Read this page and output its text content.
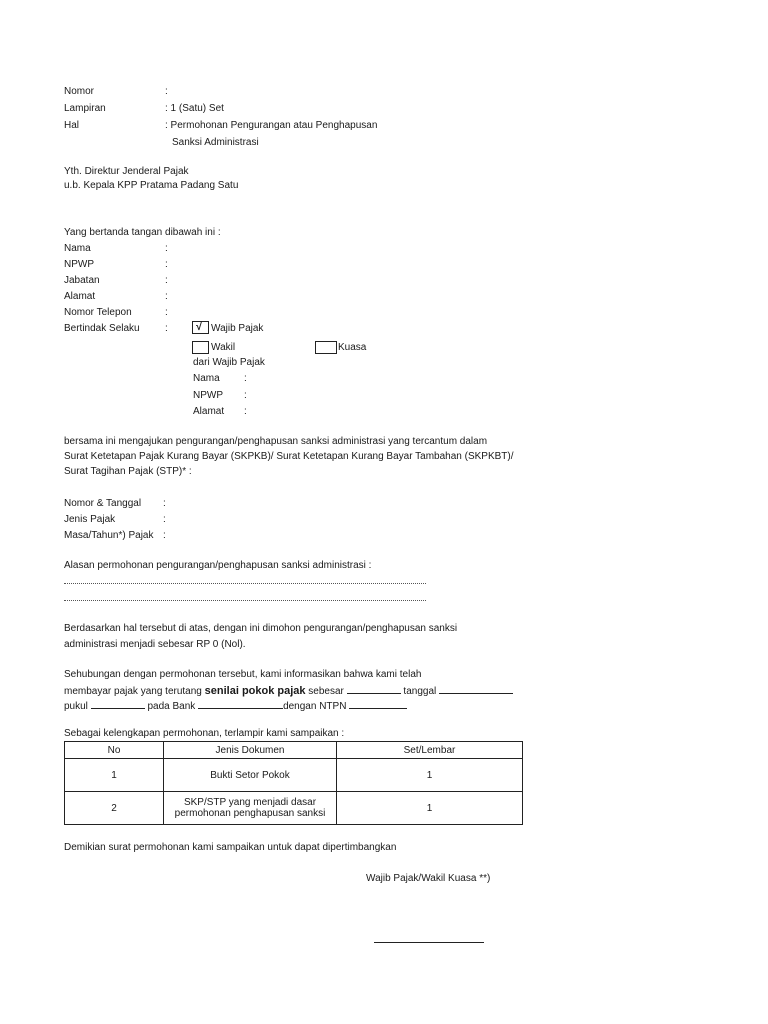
Nomor	:
Lampiran	: 1 (Satu) Set
Hal	: Permohonan Pengurangan atau Penghapusan
Sanksi Administrasi
Yth. Direktur Jenderal Pajak
u.b. Kepala KPP Pratama Padang Satu
Yang bertanda tangan dibawah ini :
Nama	:
NPWP	:
Jabatan	:
Alamat	:
Nomor Telepon	:
Bertindak Selaku	:	√ Wajib Pajak
Wakil	Kuasa
dari Wajib Pajak
Nama :
NPWP :
Alamat :
bersama ini mengajukan pengurangan/penghapusan sanksi administrasi yang tercantum dalam
Surat Ketetapan Pajak Kurang Bayar (SKPKB)/ Surat Ketetapan Kurang Bayar Tambahan (SKPKBT)/
Surat Tagihan Pajak (STP)* :
Nomor & Tanggal :
Jenis Pajak	:
Masa/Tahun*) Pajak :
Alasan permohonan pengurangan/penghapusan sanksi administrasi :
Berdasarkan hal tersebut di atas, dengan ini dimohon pengurangan/penghapusan sanksi
administrasi menjadi sebesar RP 0 (Nol).
Sehubungan dengan permohonan tersebut, kami informasikan bahwa kami telah
membayar pajak yang terutang senilai pokok pajak sebesar	tanggal
pukul	pada Bank	dengan NTPN
Sebagai kelengkapan permohonan, terlampir kami sampaikan :
No	Jenis Dokumen	Set/Lembar
1	Bukti Setor Pokok	1
2	SKP/STP yang menjadi dasar
permohonan penghapusan sanksi	1
Demikian surat permohonan kami sampaikan untuk dapat dipertimbangkan
Wajib Pajak/Wakil Kuasa **)
